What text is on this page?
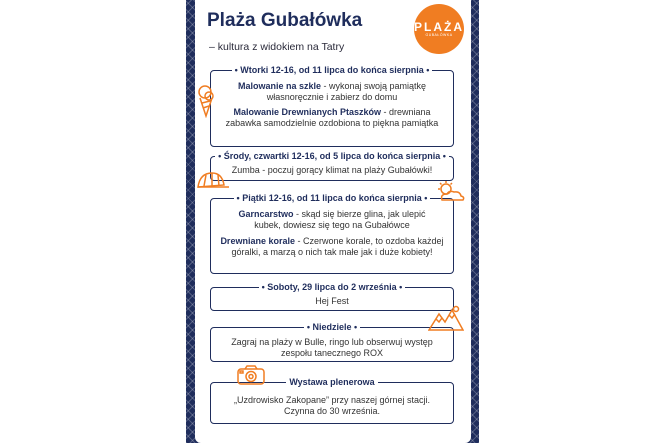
Plaża Gubałówka
– kultura z widokiem na Tatry
PLAŻA
GUBAŁÓWKA
• Wtorki 12-16, od 11 lipca do końca sierpnia •
Malowanie na szkle - wykonaj swoją pamiątkę
własnoręcznie i zabierz do domu
Malowanie Drewnianych Ptaszków - drewniana
zabawka samodzielnie ozdobiona to piękna pamiątka
• Środy, czwartki 12-16, od 5 lipca do końca sierpnia •
Zumba - poczuj gorący klimat na plaży Gubałówki!
• Piątki 12-16, od 11 lipca do końca sierpnia •
Garncarstwo - skąd się bierze glina, jak ulepić
kubek, dowiesz się tego na Gubałówce
Drewniane korale - Czerwone korale, to ozdoba każdej
góralki, a marzą o nich tak małe jak i duże kobiety!
• Soboty, 29 lipca do 2 września •
Hej Fest
• Niedziele •
Zagraj na plaży w Bulle, ringo lub obserwuj występ
zespołu tanecznego ROX
Wystawa plenerowa
„Uzdrowisko Zakopane” przy naszej górnej stacji.
Czynna do 30 września.
